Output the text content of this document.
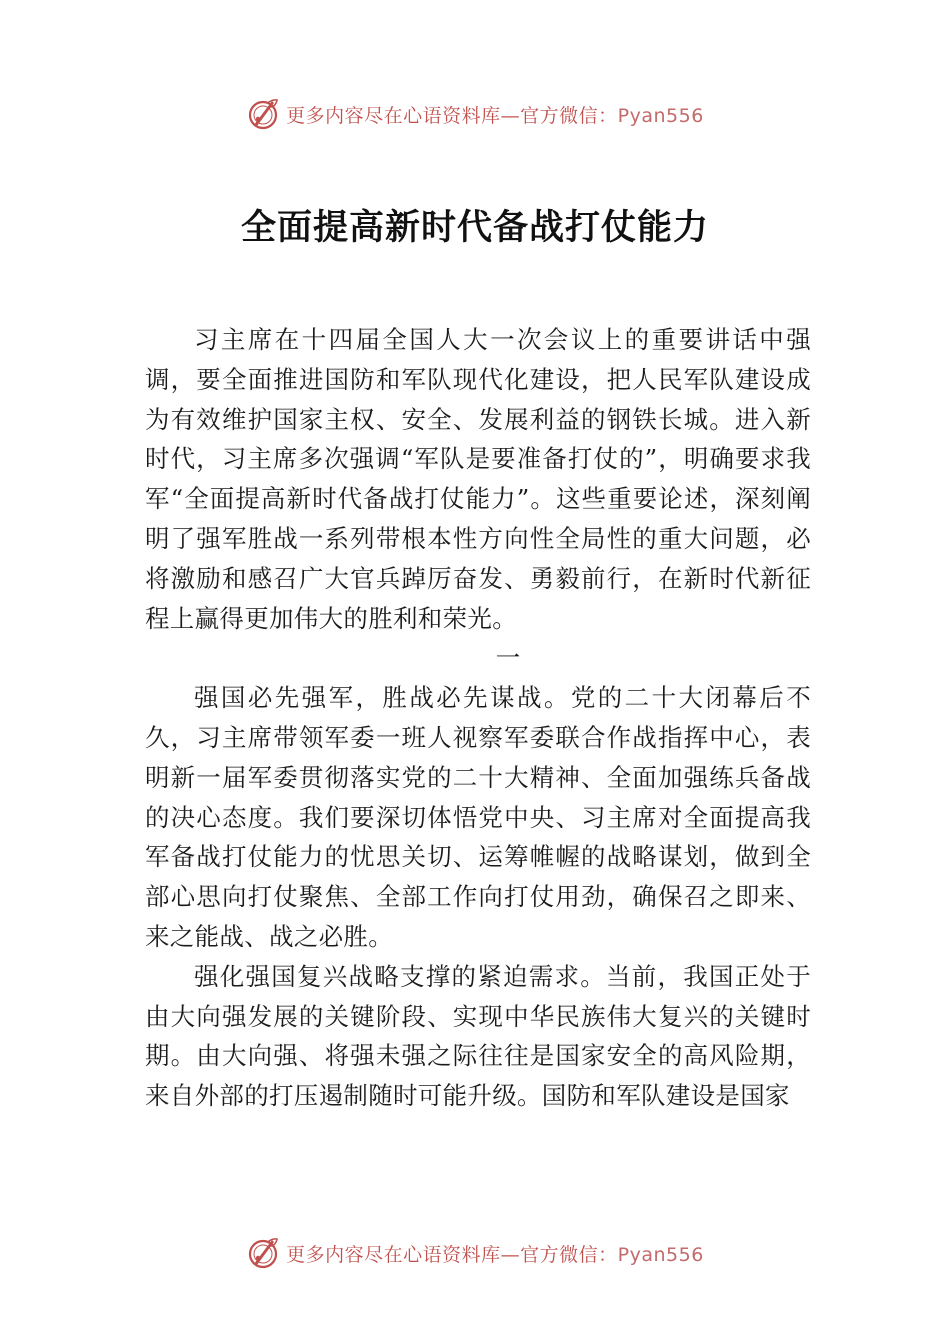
更多内容尽在心语资料库—官方微信：Pyan556
全面提高新时代备战打仗能力

习主席在十四届全国人大一次会议上的重要讲话中强调，要全面推进国防和军队现代化建设，把人民军队建设成为有效维护国家主权、安全、发展利益的钢铁长城。进入新时代，习主席多次强调“军队是要准备打仗的”，明确要求我军“全面提高新时代备战打仗能力”。这些重要论述，深刻阐明了强军胜战一系列带根本性方向性全局性的重大问题，必将激励和感召广大官兵踔厉奋发、勇毅前行，在新时代新征程上赢得更加伟大的胜利和荣光。

一

强国必先强军，胜战必先谋战。党的二十大闭幕后不久，习主席带领军委一班人视察军委联合作战指挥中心，表明新一届军委贯彻落实党的二十大精神、全面加强练兵备战的决心态度。我们要深切体悟党中央、习主席对全面提高我军备战打仗能力的忧思关切、运筹帷幄的战略谋划，做到全部心思向打仗聚焦、全部工作向打仗用劲，确保召之即来、来之能战、战之必胜。

强化强国复兴战略支撑的紧迫需求。当前，我国正处于由大向强发展的关键阶段、实现中华民族伟大复兴的关键时期。由大向强、将强未强之际往往是国家安全的高风险期， 来自外部的打压遏制随时可能升级。国防和军队建设是国家

更多内容尽在心语资料库—官方微信：Pyan556
